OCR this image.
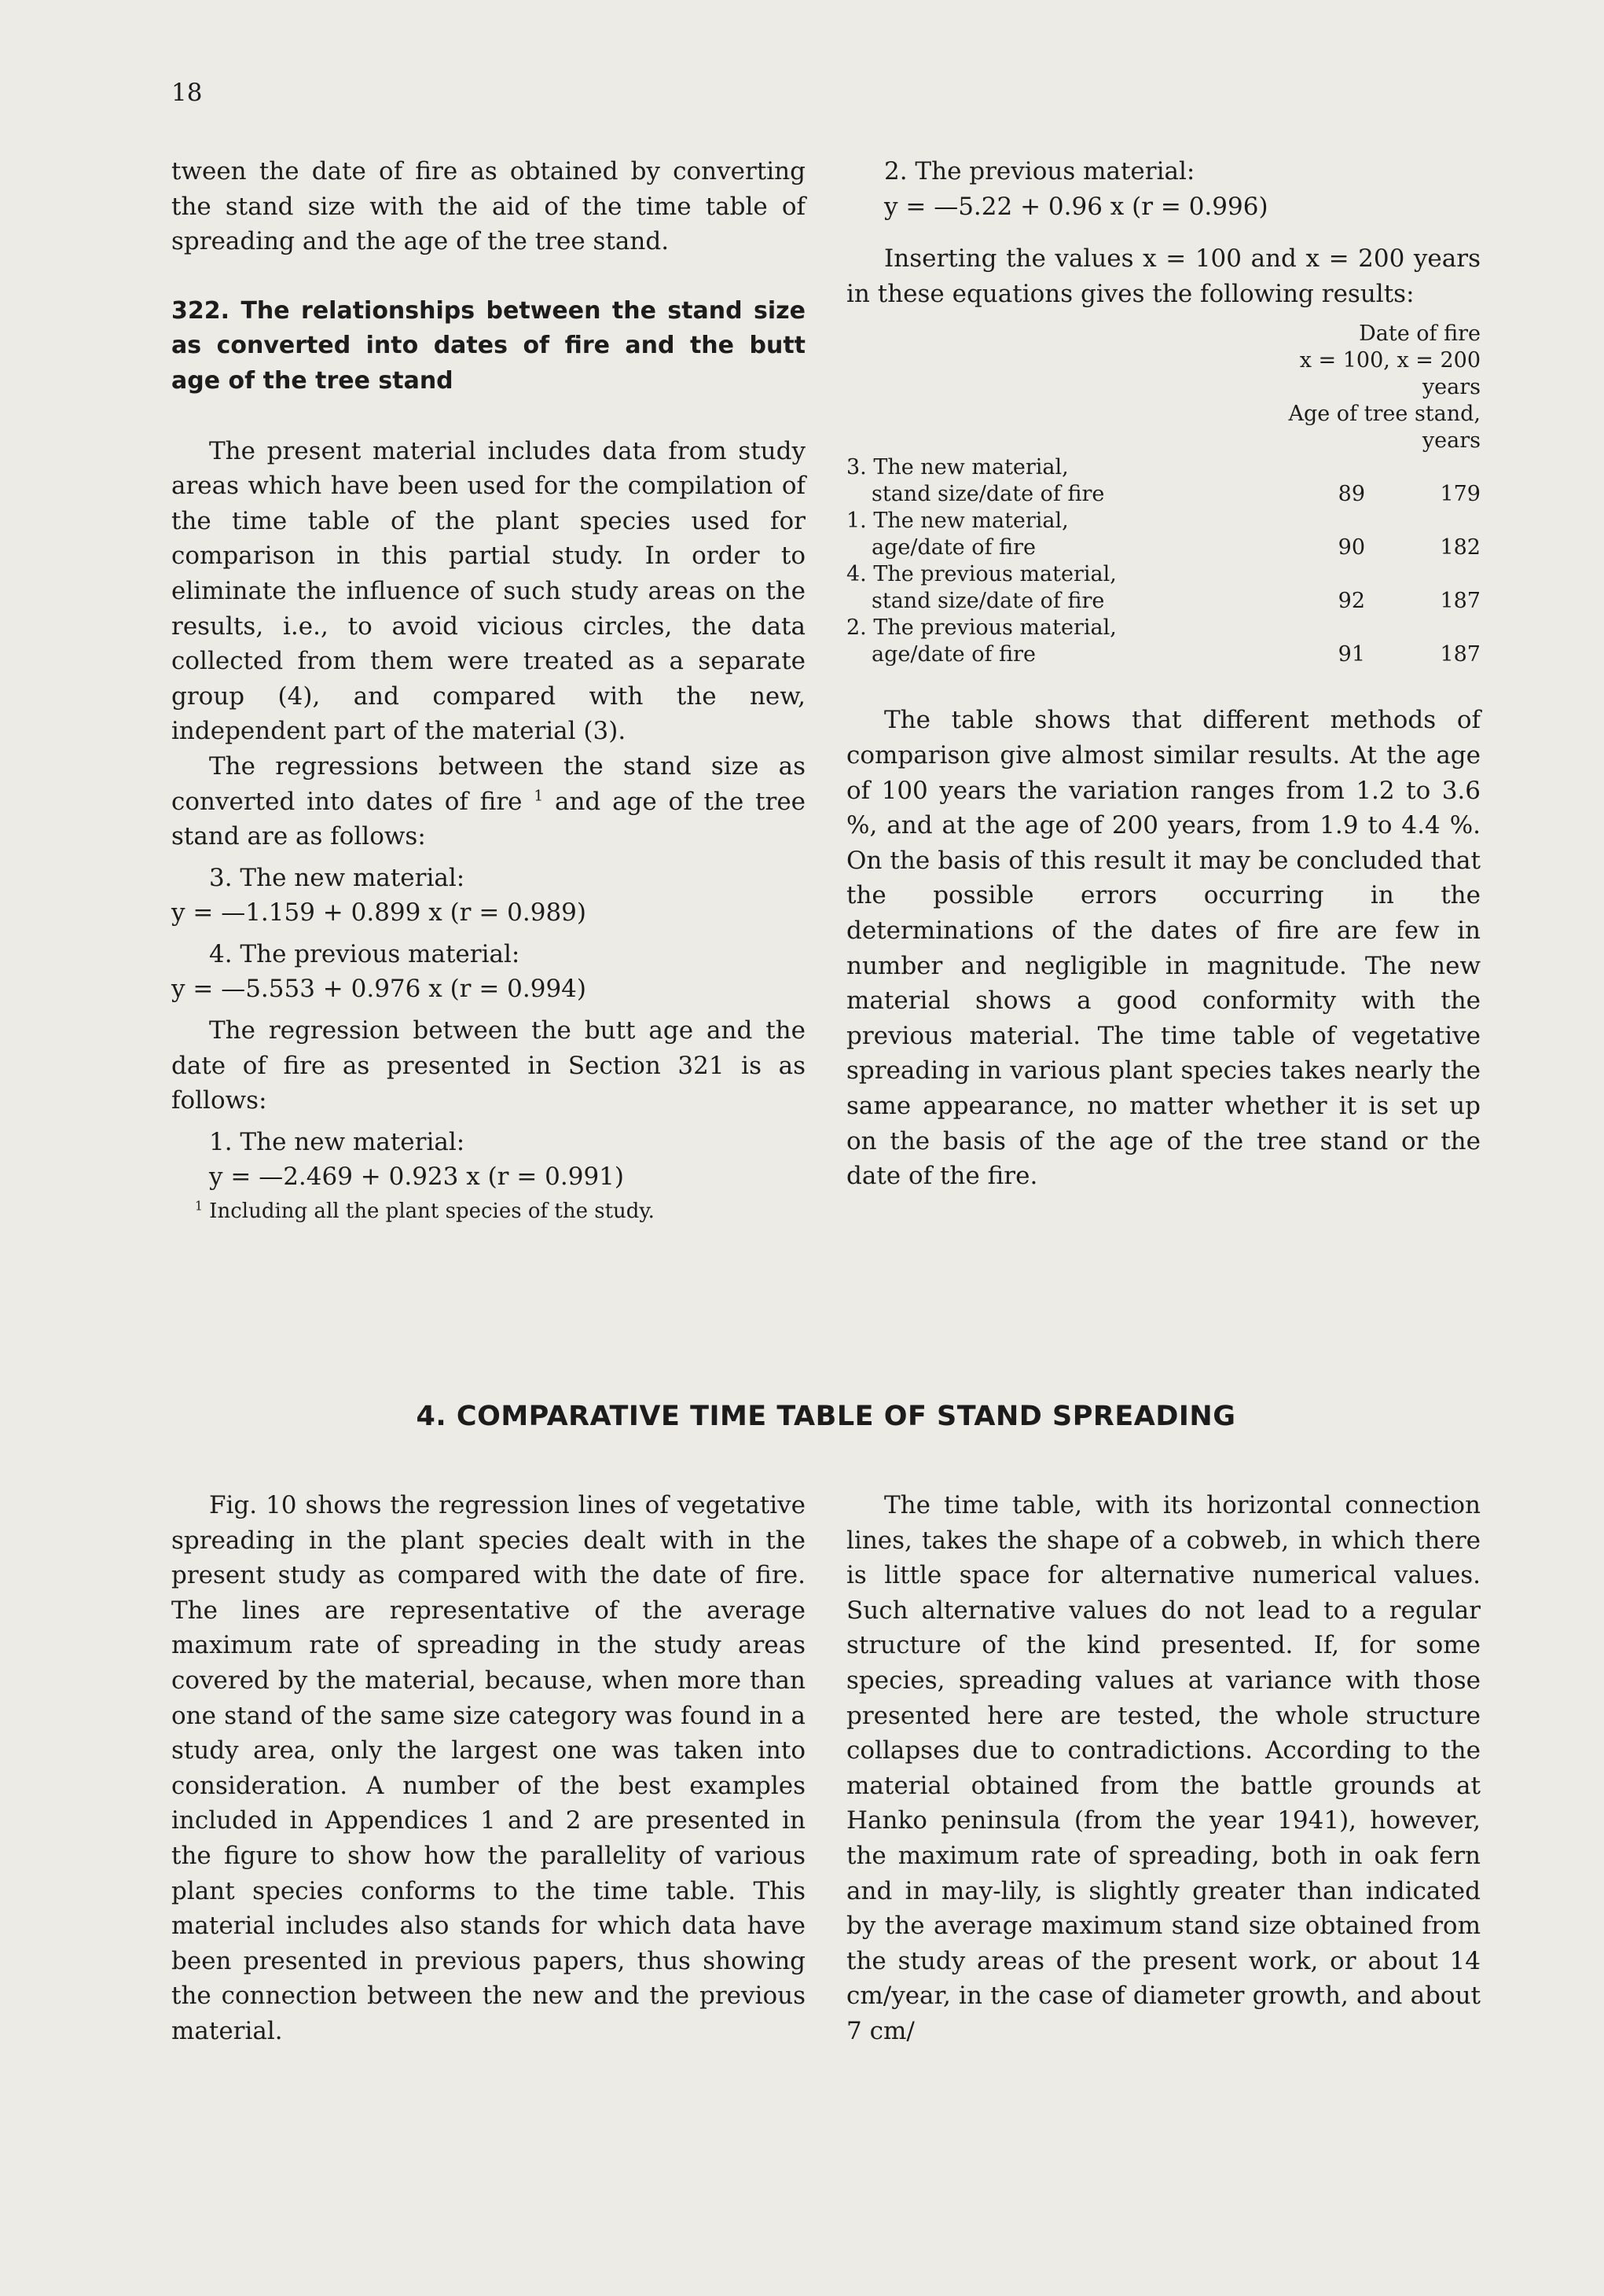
18

tween the date of fire as obtained by converting the stand size with the aid of the time table of spreading and the age of the tree stand.

322. The relationships between the stand size as converted into dates of fire and the butt age of the tree stand

The present material includes data from study areas which have been used for the compilation of the time table of the plant species used for comparison in this partial study. In order to eliminate the influence of such study areas on the results, i.e., to avoid vicious circles, the data collected from them were treated as a separate group (4), and compared with the new, independent part of the material (3).

The regressions between the stand size as converted into dates of fire $^1$ and age of the tree stand are as follows:

3. The new material:
y = —1.159 + 0.899 x (r = 0.989)
4. The previous material:
y = —5.553 + 0.976 x (r = 0.994)

The regression between the butt age and the date of fire as presented in Section 321 is as follows:

1. The new material:
y = —2.469 + 0.923 x (r = 0.991)
$^1$ Including all the plant species of the study.
2. The previous material:
y = —5.22 + 0.96 x (r = 0.996)

Inserting the values x = 100 and x = 200 years in these equations gives the following results:

Date of fire
x = 100, x = 200
years
Age of tree stand,
years
3. The new material,		
stand size/date of fire	89	179
1. The new material,		
age/date of fire	90	182
4. The previous material,		
stand size/date of fire	92	187
2. The previous material,		
age/date of fire	91	187

The table shows that different methods of comparison give almost similar results. At the age of 100 years the variation ranges from 1.2 to 3.6 %, and at the age of 200 years, from 1.9 to 4.4 %. On the basis of this result it may be concluded that the possible errors occurring in the determinations of the dates of fire are few in number and negligible in magnitude. The new material shows a good conformity with the previous material. The time table of vegetative spreading in various plant species takes nearly the same appearance, no matter whether it is set up on the basis of the age of the tree stand or the date of the fire.

4. COMPARATIVE TIME TABLE OF STAND SPREADING

Fig. 10 shows the regression lines of vegetative spreading in the plant species dealt with in the present study as compared with the date of fire. The lines are representative of the average maximum rate of spreading in the study areas covered by the material, because, when more than one stand of the same size category was found in a study area, only the largest one was taken into consideration. A number of the best examples included in Appendices 1 and 2 are presented in the figure to show how the parallelity of various plant species conforms to the time table. This material includes also stands for which data have been presented in previous papers, thus showing the connection between the new and the previous material.

The time table, with its horizontal connection lines, takes the shape of a cobweb, in which there is little space for alternative numerical values. Such alternative values do not lead to a regular structure of the kind presented. If, for some species, spreading values at variance with those presented here are tested, the whole structure collapses due to contradictions. According to the material obtained from the battle grounds at Hanko peninsula (from the year 1941), however, the maximum rate of spreading, both in oak fern and in may-lily, is slightly greater than indicated by the average maximum stand size obtained from the study areas of the present work, or about 14 cm/year, in the case of diameter growth, and about 7 cm/
